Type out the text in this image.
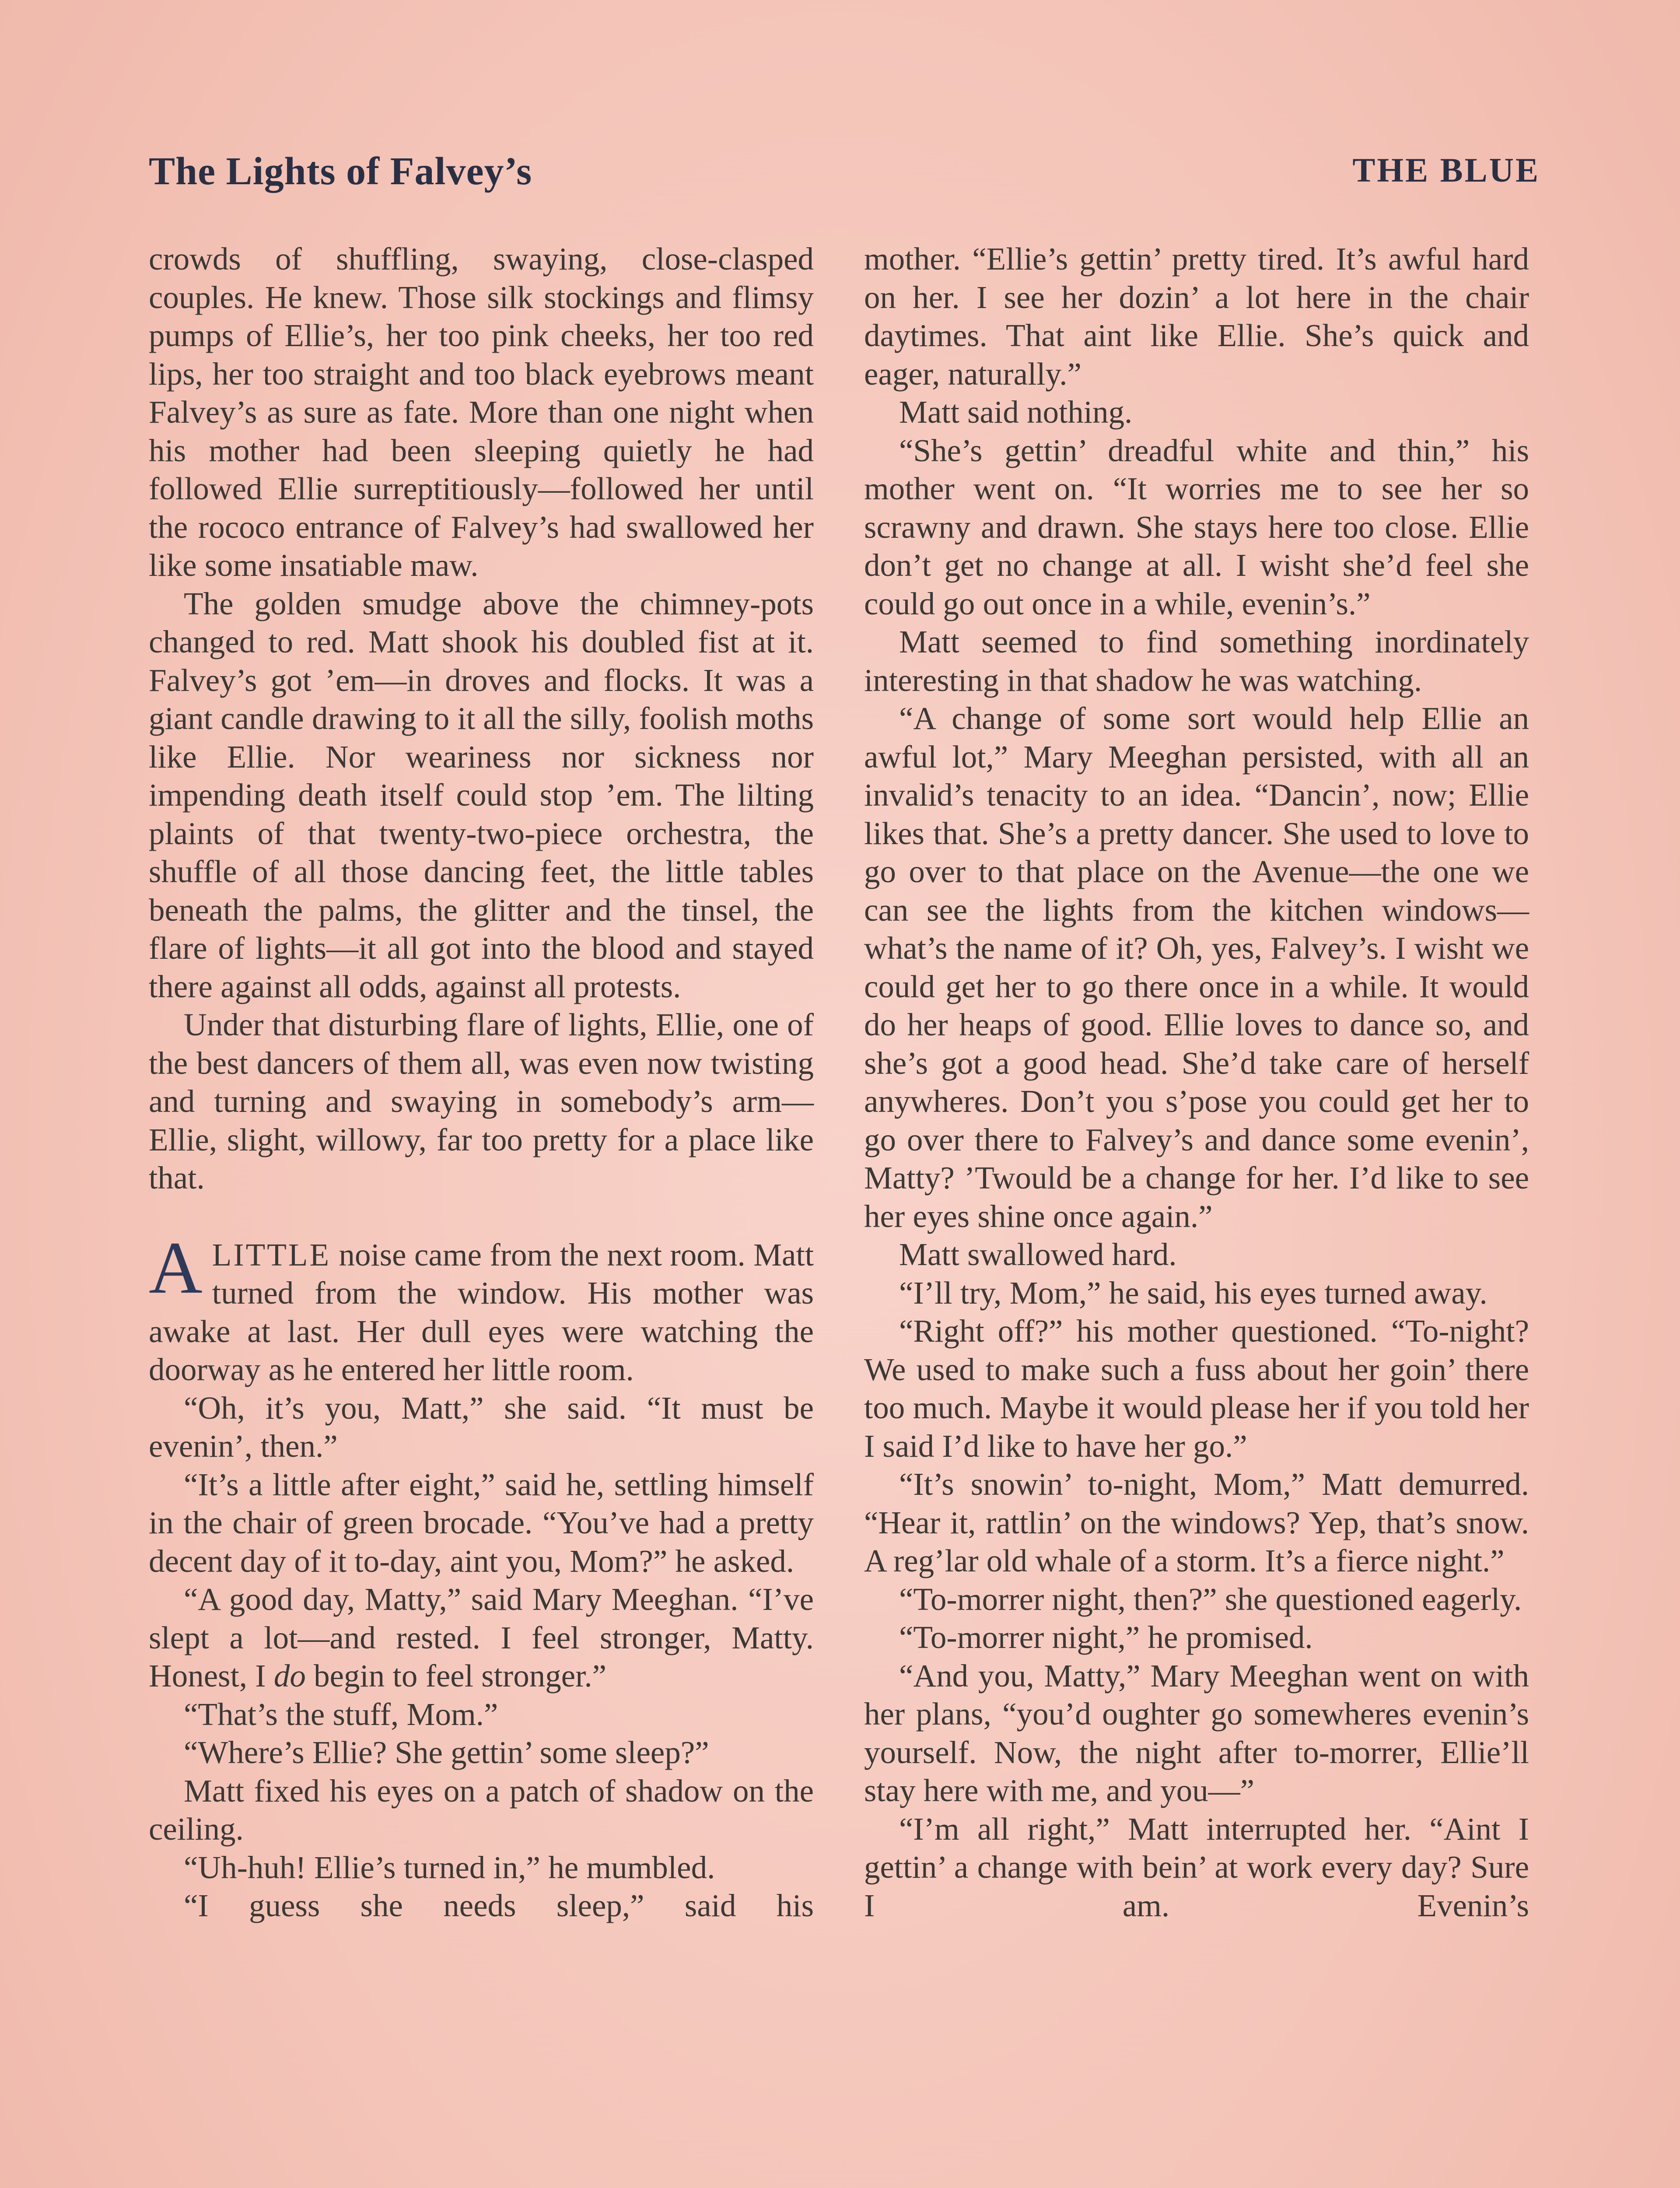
The Lights of Falvey’s	THE BLUE

crowds of shuffling, swaying, close-clasped couples. He knew. Those silk stockings and flimsy pumps of Ellie’s, her too pink cheeks, her too red lips, her too straight and too black eyebrows meant Falvey’s as sure as fate. More than one night when his mother had been sleeping quietly he had followed Ellie surreptitiously—followed her until the rococo entrance of Falvey’s had swallowed her like some insatiable maw.

The golden smudge above the chimney-pots changed to red. Matt shook his doubled fist at it. Falvey’s got ’em—in droves and flocks. It was a giant candle drawing to it all the silly, foolish moths like Ellie. Nor weariness nor sickness nor impending death itself could stop ’em. The lilting plaints of that twenty-two-piece orchestra, the shuffle of all those dancing feet, the little tables beneath the palms, the glitter and the tinsel, the flare of lights—it all got into the blood and stayed there against all odds, against all protests.

Under that disturbing flare of lights, Ellie, one of the best dancers of them all, was even now twisting and turning and swaying in somebody’s arm—Ellie, slight, willowy, far too pretty for a place like that.

ALITTLE noise came from the next room. Matt turned from the window. His mother was awake at last. Her dull eyes were watching the doorway as he entered her little room.

“Oh, it’s you, Matt,” she said. “It must be evenin’, then.”

“It’s a little after eight,” said he, settling himself in the chair of green brocade. “You’ve had a pretty decent day of it to-day, aint you, Mom?” he asked.

“A good day, Matty,” said Mary Meeghan. “I’ve slept a lot—and rested. I feel stronger, Matty. Honest, I do begin to feel stronger.”

“That’s the stuff, Mom.”

“Where’s Ellie? She gettin’ some sleep?”

Matt fixed his eyes on a patch of shadow on the ceiling.

“Uh-huh! Ellie’s turned in,” he mumbled.

“I guess she needs sleep,” said his

mother. “Ellie’s gettin’ pretty tired. It’s awful hard on her. I see her dozin’ a lot here in the chair daytimes. That aint like Ellie. She’s quick and eager, naturally.”

Matt said nothing.

“She’s gettin’ dreadful white and thin,” his mother went on. “It worries me to see her so scrawny and drawn. She stays here too close. Ellie don’t get no change at all. I wisht she’d feel she could go out once in a while, evenin’s.”

Matt seemed to find something inordinately interesting in that shadow he was watching.

“A change of some sort would help Ellie an awful lot,” Mary Meeghan persisted, with all an invalid’s tenacity to an idea. “Dancin’, now; Ellie likes that. She’s a pretty dancer. She used to love to go over to that place on the Avenue—the one we can see the lights from the kitchen windows—what’s the name of it? Oh, yes, Falvey’s. I wisht we could get her to go there once in a while. It would do her heaps of good. Ellie loves to dance so, and she’s got a good head. She’d take care of herself anywheres. Don’t you s’pose you could get her to go over there to Falvey’s and dance some evenin’, Matty? ’Twould be a change for her. I’d like to see her eyes shine once again.”

Matt swallowed hard.

“I’ll try, Mom,” he said, his eyes turned away.

“Right off?” his mother questioned. “To-night? We used to make such a fuss about her goin’ there too much. Maybe it would please her if you told her I said I’d like to have her go.”

“It’s snowin’ to-night, Mom,” Matt demurred. “Hear it, rattlin’ on the windows? Yep, that’s snow. A reg’lar old whale of a storm. It’s a fierce night.”

“To-morrer night, then?” she questioned eagerly.

“To-morrer night,” he promised.

“And you, Matty,” Mary Meeghan went on with her plans, “you’d oughter go somewheres evenin’s yourself. Now, the night after to-morrer, Ellie’ll stay here with me, and you—”

“I’m all right,” Matt interrupted her. “Aint I gettin’ a change with bein’ at work every day? Sure I am. Evenin’s
